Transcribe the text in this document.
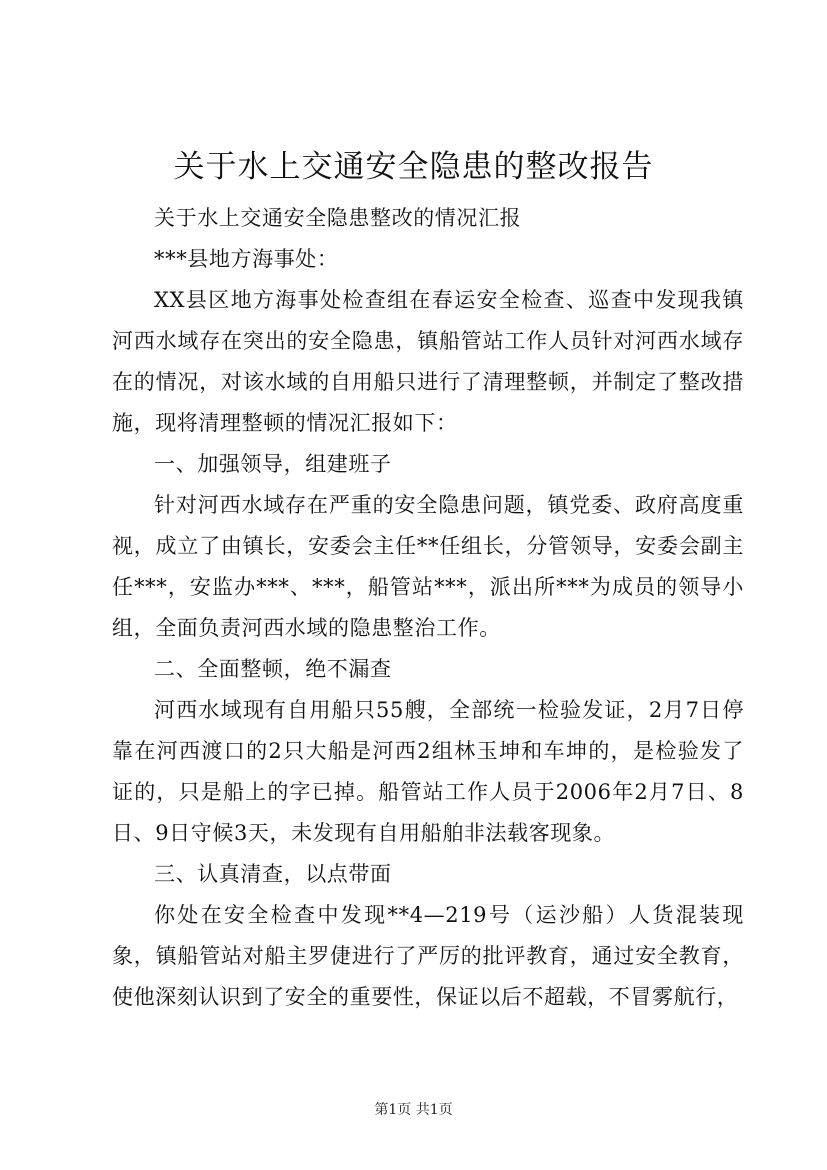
关于水上交通安全隐患的整改报告

关于水上交通安全隐患整改的情况汇报

***县地方海事处：

XX县区地方海事处检查组在春运安全检查、巡查中发现我镇河西水域存在突出的安全隐患，镇船管站工作人员针对河西水域存在的情况，对该水域的自用船只进行了清理整顿，并制定了整改措施，现将清理整顿的情况汇报如下：

一、加强领导，组建班子

针对河西水域存在严重的安全隐患问题，镇党委、政府高度重视，成立了由镇长，安委会主任**任组长，分管领导，安委会副主任***，安监办***、***，船管站***，派出所***为成员的领导小组，全面负责河西水域的隐患整治工作。

二、全面整顿，绝不漏查

河西水域现有自用船只55艘，全部统一检验发证，2月7日停靠在河西渡口的2只大船是河西2组林玉坤和车坤的，是检验发了证的，只是船上的字已掉。船管站工作人员于2006年2月7日、8日、9日守候3天，未发现有自用船舶非法载客现象。

三、认真清查，以点带面

你处在安全检查中发现**4—219号（运沙船）人货混装现象，镇船管站对船主罗倢进行了严厉的批评教育，通过安全教育，使他深刻认识到了安全的重要性，保证以后不超载，不冒雾航行，

第1页 共1页
